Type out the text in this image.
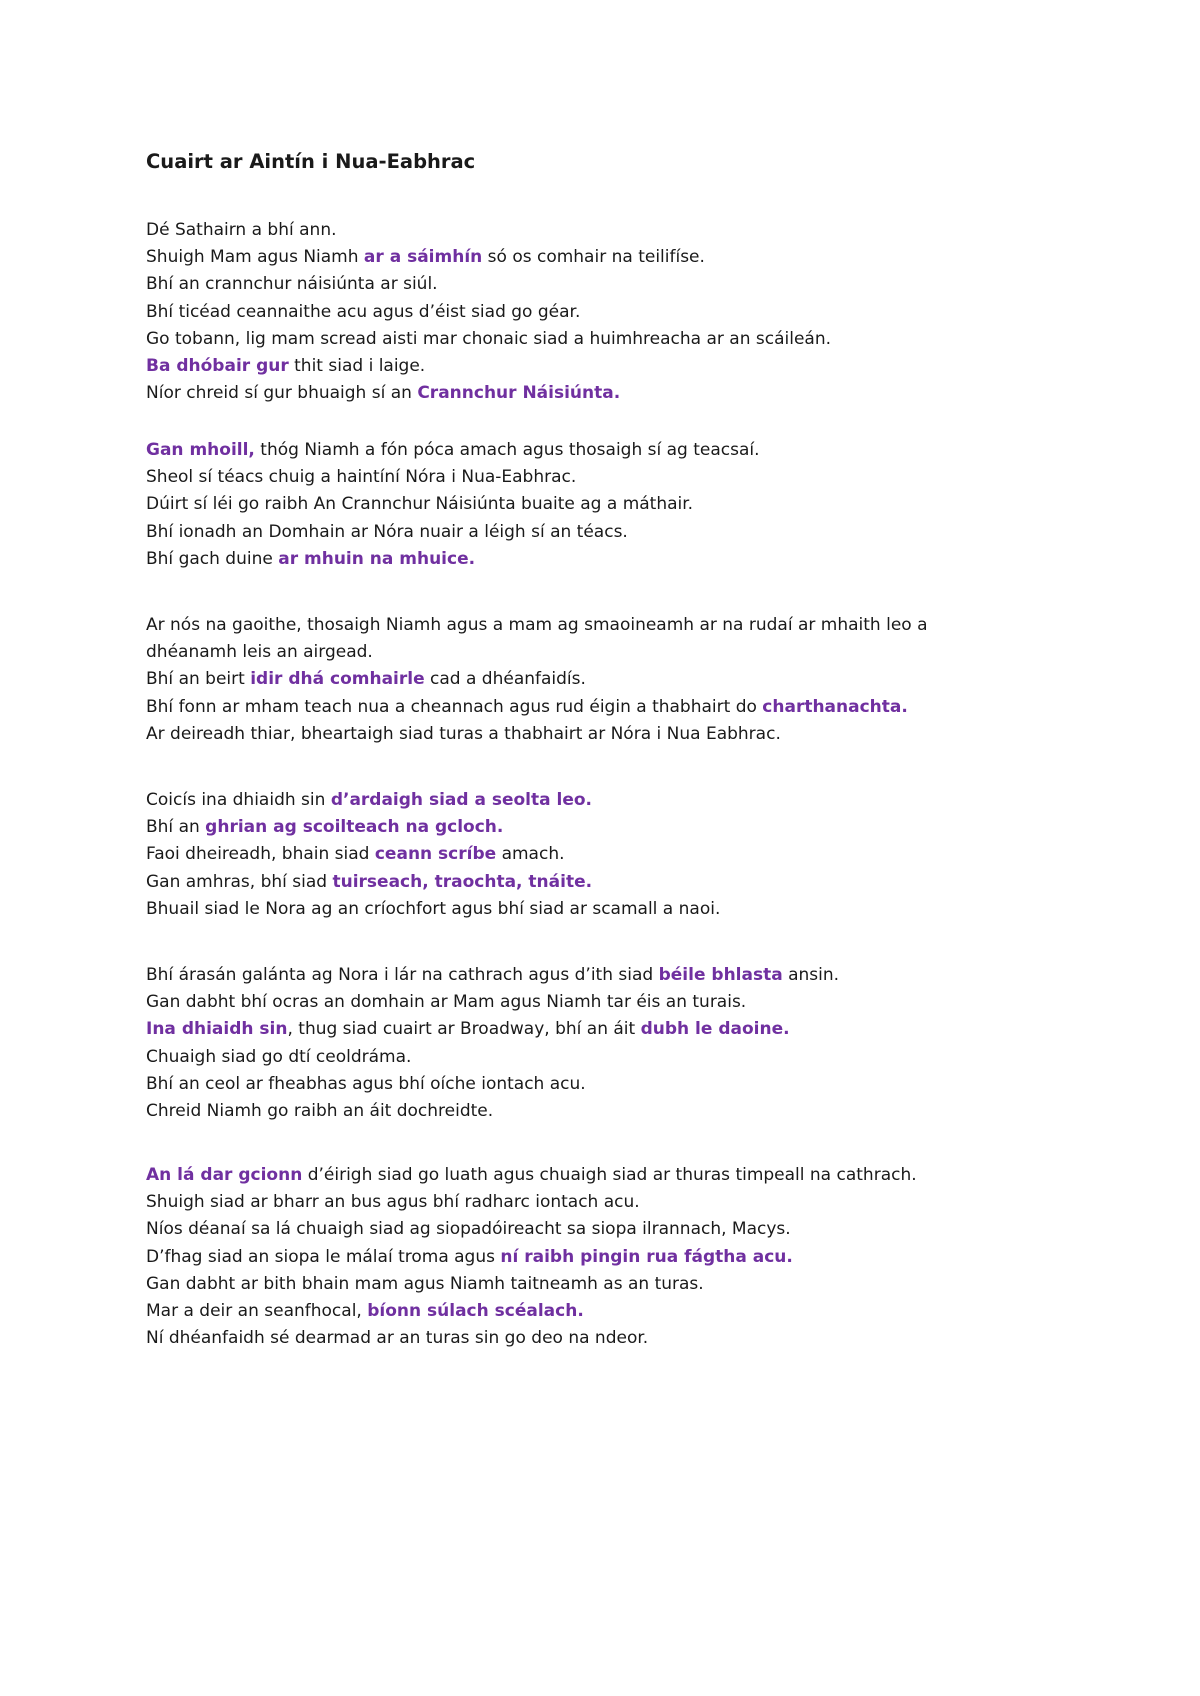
Cuairt ar Aintín i Nua-Eabhrac
Dé Sathairn a bhí ann.
Shuigh Mam agus Niamh ar a sáimhín só os comhair na teilifíse.
Bhí an crannchur náisiúnta ar siúl.
Bhí ticéad ceannaithe acu agus d’éist siad go géar.
Go tobann, lig mam scread aisti mar chonaic siad a huimhreacha ar an scáileán.
Ba dhóbair gur thit siad i laige.
Níor chreid sí gur bhuaigh sí an Crannchur Náisiúnta.
Gan mhoill, thóg Niamh a fón póca amach agus thosaigh sí ag teacsaí.
Sheol sí téacs chuig a haintíní Nóra i Nua-Eabhrac.
Dúirt sí léi go raibh An Crannchur Náisiúnta buaite ag a máthair.
Bhí ionadh an Domhain ar Nóra nuair a léigh sí an téacs.
Bhí gach duine ar mhuin na mhuice.
Ar nós na gaoithe, thosaigh Niamh agus a mam ag smaoineamh ar na rudaí ar mhaith leo a
dhéanamh leis an airgead.
Bhí an beirt idir dhá comhairle cad a dhéanfaidís.
Bhí fonn ar mham teach nua a cheannach agus rud éigin a thabhairt do charthanachta.
Ar deireadh thiar, bheartaigh siad turas a thabhairt ar Nóra i Nua Eabhrac.
Coicís ina dhiaidh sin d’ardaigh siad a seolta leo.
Bhí an ghrian ag scoilteach na gcloch.
Faoi dheireadh, bhain siad ceann scríbe amach.
Gan amhras, bhí siad tuirseach, traochta, tnáite.
Bhuail siad le Nora ag an críochfort agus bhí siad ar scamall a naoi.
Bhí árasán galánta ag Nora i lár na cathrach agus d’ith siad béile bhlasta ansin.
Gan dabht bhí ocras an domhain ar Mam agus Niamh tar éis an turais.
Ina dhiaidh sin, thug siad cuairt ar Broadway, bhí an áit dubh le daoine.
Chuaigh siad go dtí ceoldráma.
Bhí an ceol ar fheabhas agus bhí oíche iontach acu.
Chreid Niamh go raibh an áit dochreidte.
An lá dar gcionn d’éirigh siad go luath agus chuaigh siad ar thuras timpeall na cathrach.
Shuigh siad ar bharr an bus agus bhí radharc iontach acu.
Níos déanaí sa lá chuaigh siad ag siopadóireacht sa siopa ilrannach, Macys.
D’fhag siad an siopa le málaí troma agus ní raibh pingin rua fágtha acu.
Gan dabht ar bith bhain mam agus Niamh taitneamh as an turas.
Mar a deir an seanfhocal, bíonn súlach scéalach.
Ní dhéanfaidh sé dearmad ar an turas sin go deo na ndeor.
